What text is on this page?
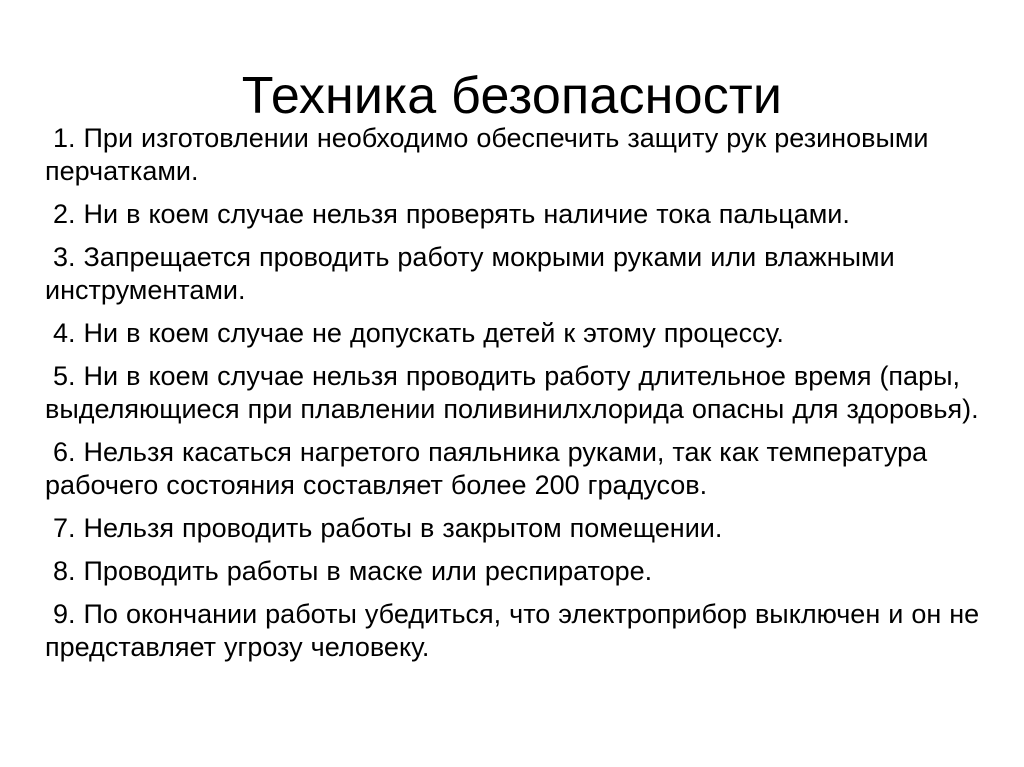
Техника безопасности
1. При изготовлении необходимо обеспечить защиту рук резиновыми перчатками.
2. Ни в коем случае нельзя проверять наличие тока пальцами.
3. Запрещается проводить работу мокрыми руками или влажными инструментами.
4. Ни в коем случае не допускать детей к этому процессу.
5. Ни в коем случае нельзя проводить работу длительное время (пары, выделяющиеся при плавлении поливинилхлорида опасны для здоровья).
6. Нельзя касаться нагретого паяльника руками, так как температура рабочего состояния составляет более 200 градусов.
7. Нельзя проводить работы в закрытом помещении.
8. Проводить работы в маске или респираторе.
9. По окончании работы убедиться, что электроприбор выключен и он не представляет угрозу человеку.
